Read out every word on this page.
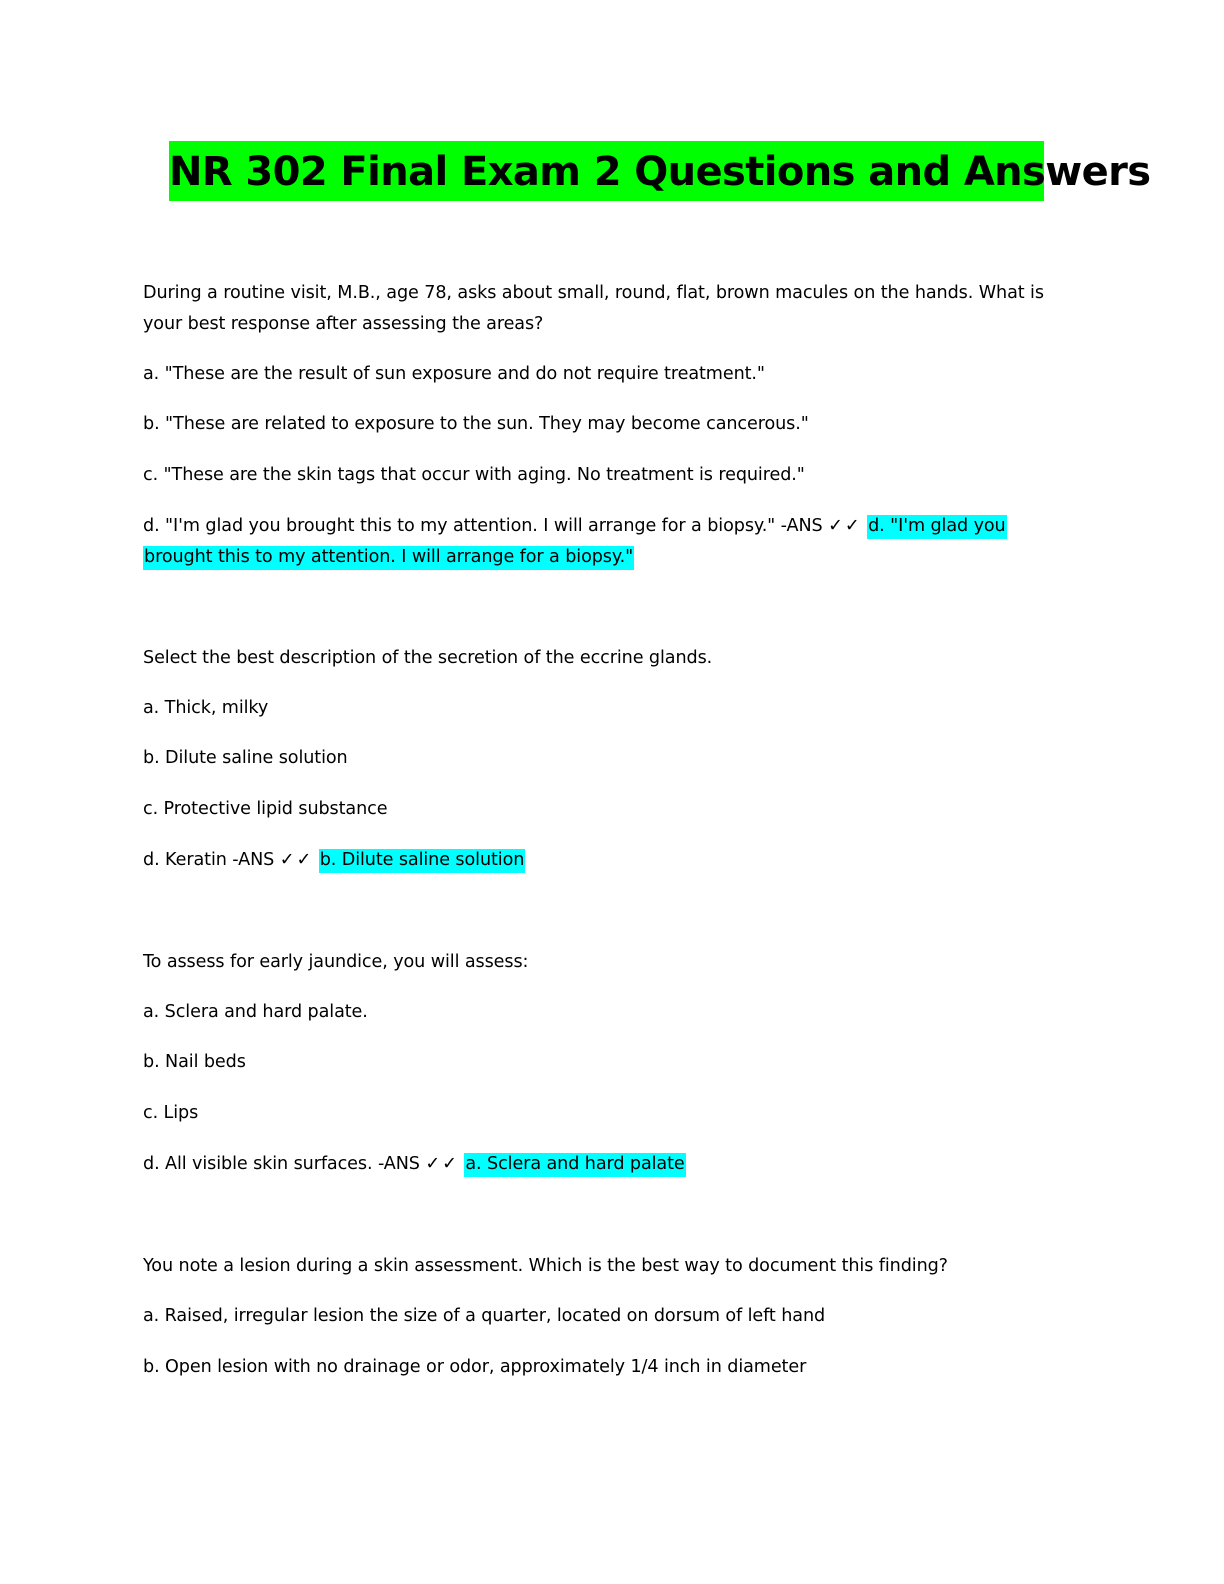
NR 302 Final Exam 2 Questions and Answers
During a routine visit, M.B., age 78, asks about small, round, flat, brown macules on the hands. What is
your best response after assessing the areas?
a. "These are the result of sun exposure and do not require treatment."
b. "These are related to exposure to the sun. They may become cancerous."
c. "These are the skin tags that occur with aging. No treatment is required."
d. "I'm glad you brought this to my attention. I will arrange for a biopsy." -ANS ✓✓ d. "I'm glad you
brought this to my attention. I will arrange for a biopsy."
Select the best description of the secretion of the eccrine glands.
a. Thick, milky
b. Dilute saline solution
c. Protective lipid substance
d. Keratin -ANS ✓✓ b. Dilute saline solution
To assess for early jaundice, you will assess:
a. Sclera and hard palate.
b. Nail beds
c. Lips
d. All visible skin surfaces. -ANS ✓✓ a. Sclera and hard palate
You note a lesion during a skin assessment. Which is the best way to document this finding?
a. Raised, irregular lesion the size of a quarter, located on dorsum of left hand
b. Open lesion with no drainage or odor, approximately 1/4 inch in diameter
